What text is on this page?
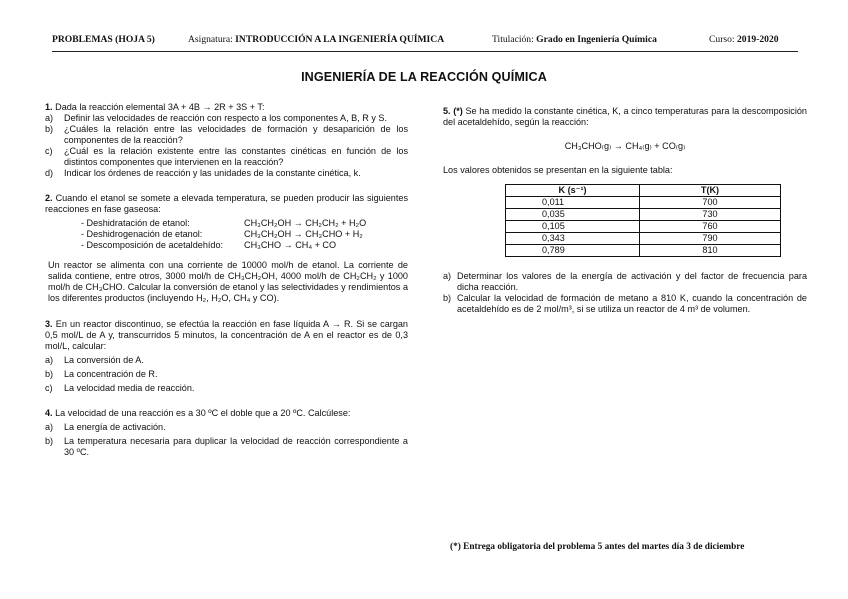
PROBLEMAS (HOJA 5)	Asignatura: INTRODUCCIÓN A LA INGENIERÍA QUÍMICA	Titulación: Grado en Ingeniería Química	Curso: 2019-2020
INGENIERÍA DE LA REACCIÓN QUÍMICA

1. Dada la reacción elemental 3A + 4B → 2R + 3S + T:

a)	Definir las velocidades de reacción con respecto a los componentes A, B, R y S.
b)	¿Cuáles la relación entre las velocidades de formación y desaparición de los componentes de la reacción?
c)	¿Cuál es la relación existente entre las constantes cinéticas en función de los distintos componentes que intervienen en la reacción?
d)	Indicar los órdenes de reacción y las unidades de la constante cinética, k.

2. Cuando el etanol se somete a elevada temperatura, se pueden producir las siguientes reacciones en fase gaseosa:

- Deshidratación de etanol:	CH₃CH₂OH → CH₂CH₂ + H₂O
- Deshidrogenación de etanol:	CH₃CH₂OH → CH₃CHO + H₂
- Descomposición de acetaldehído:	CH₃CHO → CH₄ + CO

Un reactor se alimenta con una corriente de 10000 mol/h de etanol. La corriente de salida contiene, entre otros, 3000 mol/h de CH₃CH₂OH, 4000 mol/h de CH₂CH₂ y 1000 mol/h de CH₃CHO. Calcular la conversión de etanol y las selectividades y rendimientos a los diferentes productos (incluyendo H₂, H₂O, CH₄ y CO).

3. En un reactor discontinuo, se efectúa la reacción en fase líquida A → R. Si se cargan 0,5 mol/L de A y, transcurridos 5 minutos, la concentración de A en el reactor es de 0,3 mol/L, calcular:

a)	La conversión de A.
b)	La concentración de R.
c)	La velocidad media de reacción.

4. La velocidad de una reacción es a 30 ºC el doble que a 20 ºC. Calcúlese:

a)	La energía de activación.
b)	La temperatura necesaria para duplicar la velocidad de reacción correspondiente a 30 ºC.

5. (*) Se ha medido la constante cinética, K, a cinco temperaturas para la descomposición del acetaldehído, según la reacción:

CH₃CHO₍g₎ → CH₄₍g₎ + CO₍g₎

Los valores obtenidos se presentan en la siguiente tabla:

K (s⁻¹)	T(K)
0,011	700
0,035	730
0,105	760
0,343	790
0,789	810
a) Determinar los valores de la energía de activación y del factor de frecuencia para dicha reacción.
b) Calcular la velocidad de formación de metano a 810 K, cuando la concentración de acetaldehído es de 2 mol/m³, si se utiliza un reactor de 4 m³ de volumen.
(*) Entrega obligatoria del problema 5 antes del martes día 3 de diciembre
